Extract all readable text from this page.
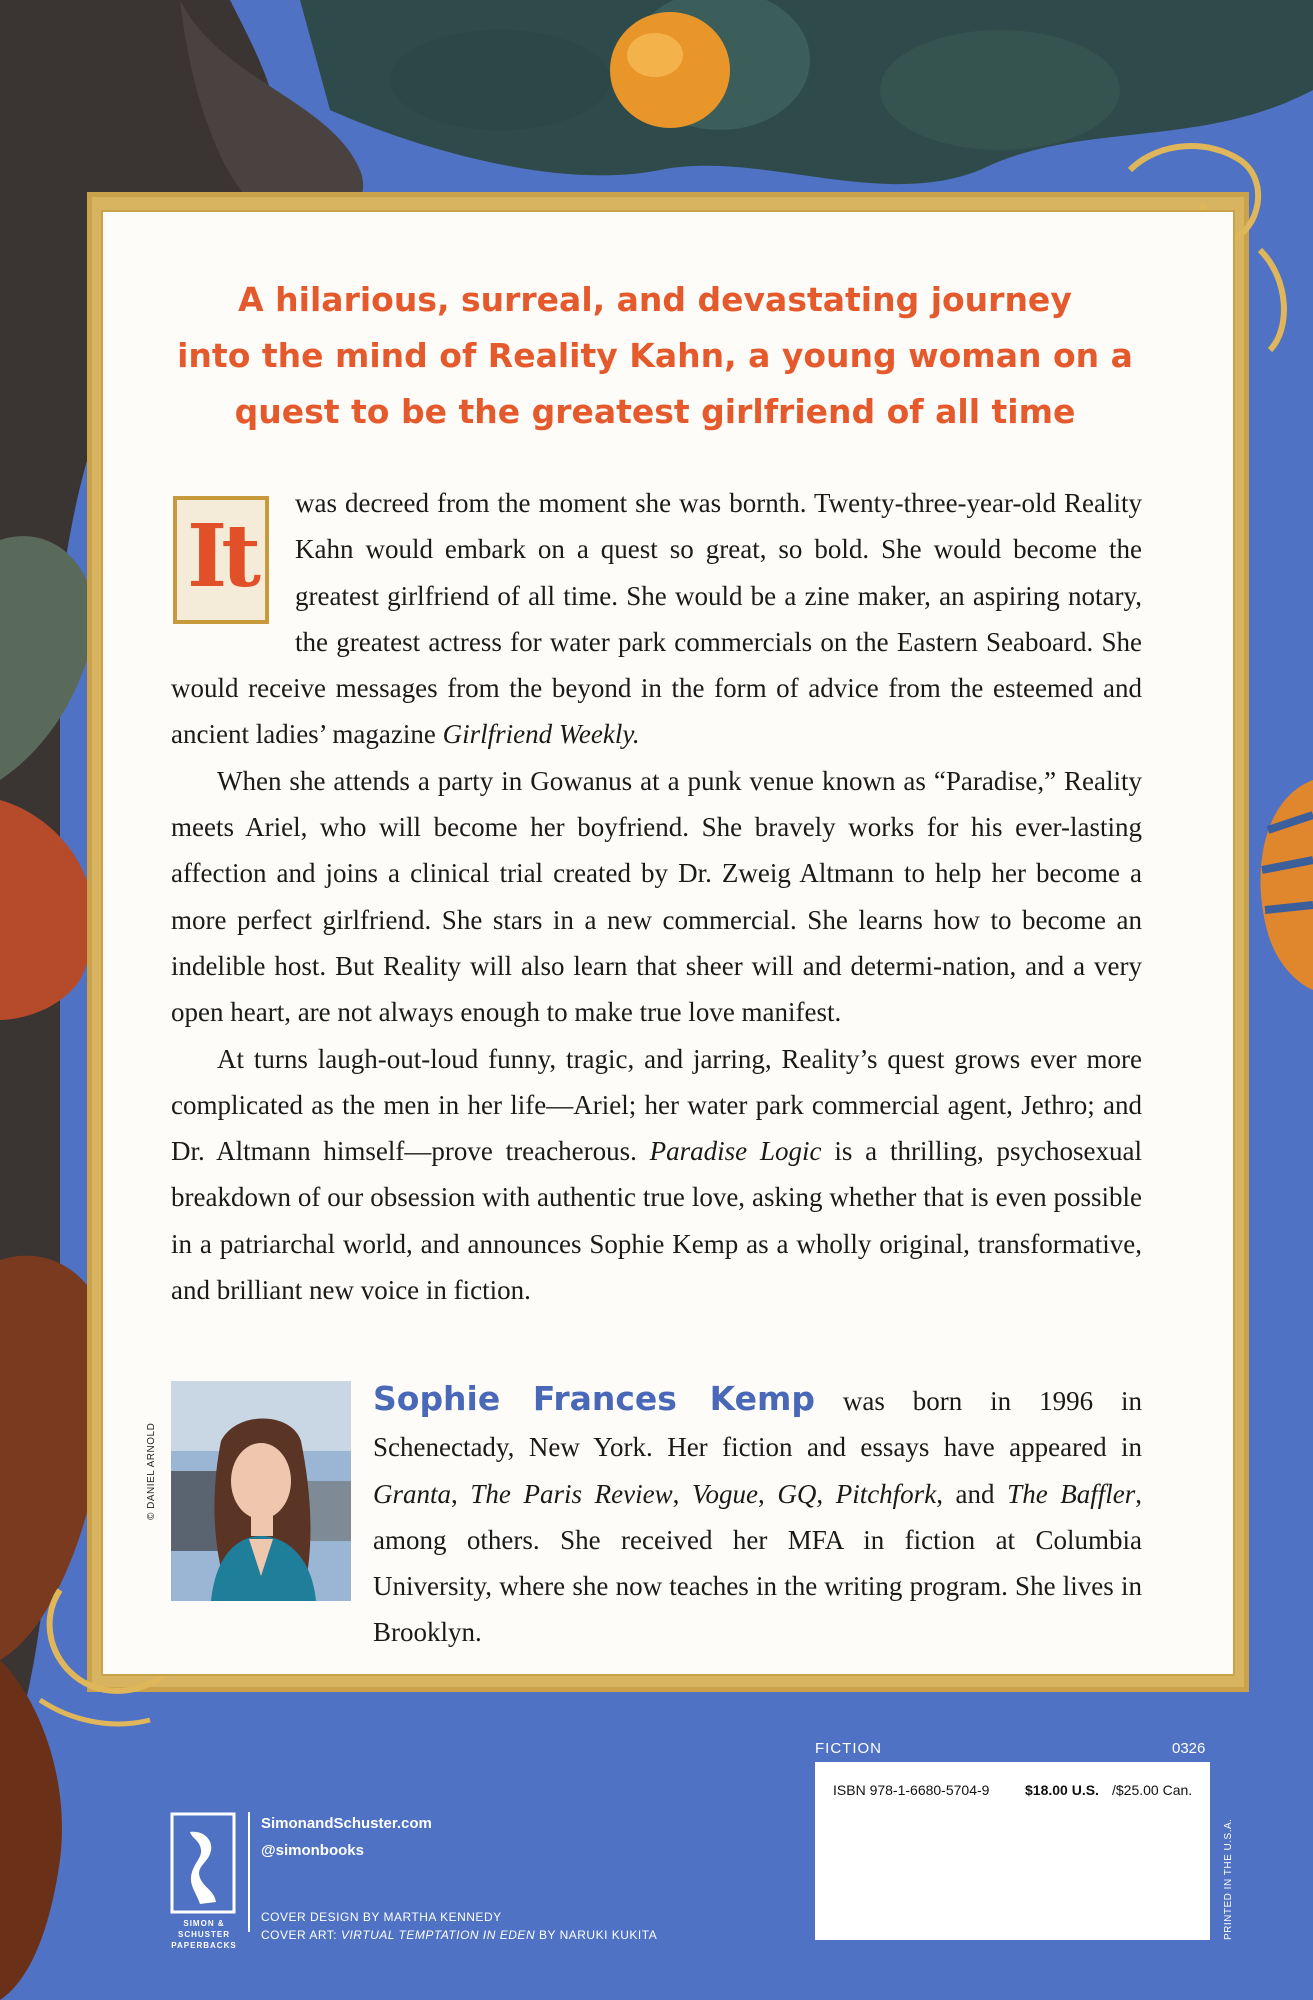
A hilarious, surreal, and devastating journey
into the mind of Reality Kahn, a young woman on a
quest to be the greatest girlfriend of all time

It
was decreed from the moment she was bornth. Twenty-three-year-old Reality Kahn would embark on a quest so great, so bold. She would become the greatest girlfriend of all time. She would be a zine maker, an aspiring notary, the greatest actress for water park commercials on the Eastern Seaboard. She would receive messages from the beyond in the form of advice from the esteemed and ancient ladies’ magazine Girlfriend Weekly.

When she attends a party in Gowanus at a punk venue known as “Paradise,” Reality meets Ariel, who will become her boyfriend. She bravely works for his ever-lasting affection and joins a clinical trial created by Dr. Zweig Altmann to help her become a more perfect girlfriend. She stars in a new commercial. She learns how to become an indelible host. But Reality will also learn that sheer will and determi-nation, and a very open heart, are not always enough to make true love manifest.

At turns laugh-out-loud funny, tragic, and jarring, Reality’s quest grows ever more complicated as the men in her life—Ariel; her water park commercial agent, Jethro; and Dr. Altmann himself—prove treacherous. Paradise Logic is a thrilling, psychosexual breakdown of our obsession with authentic true love, asking whether that is even possible in a patriarchal world, and announces Sophie Kemp as a wholly original, transformative, and brilliant new voice in fiction.

© DANIEL ARNOLD
Sophie Frances Kemp was born in 1996 in Schenectady, New York. Her fiction and essays have appeared in Granta, The Paris Review, Vogue, GQ, Pitchfork, and The Baffler, among others. She received her MFA in fiction at Columbia University, where she now teaches in the writing program. She lives in Brooklyn.
FICTION	0326
ISBN 978-1-6680-5704-9	$18.00 U.S. /$25.00 Can.
PRINTED IN THE U.S.A.
SimonandSchuster.com
@simonbooks
SIMON & SCHUSTER PAPERBACKS
COVER DESIGN BY MARTHA KENNEDY
COVER ART: VIRTUAL TEMPTATION IN EDEN BY NARUKI KUKITA
